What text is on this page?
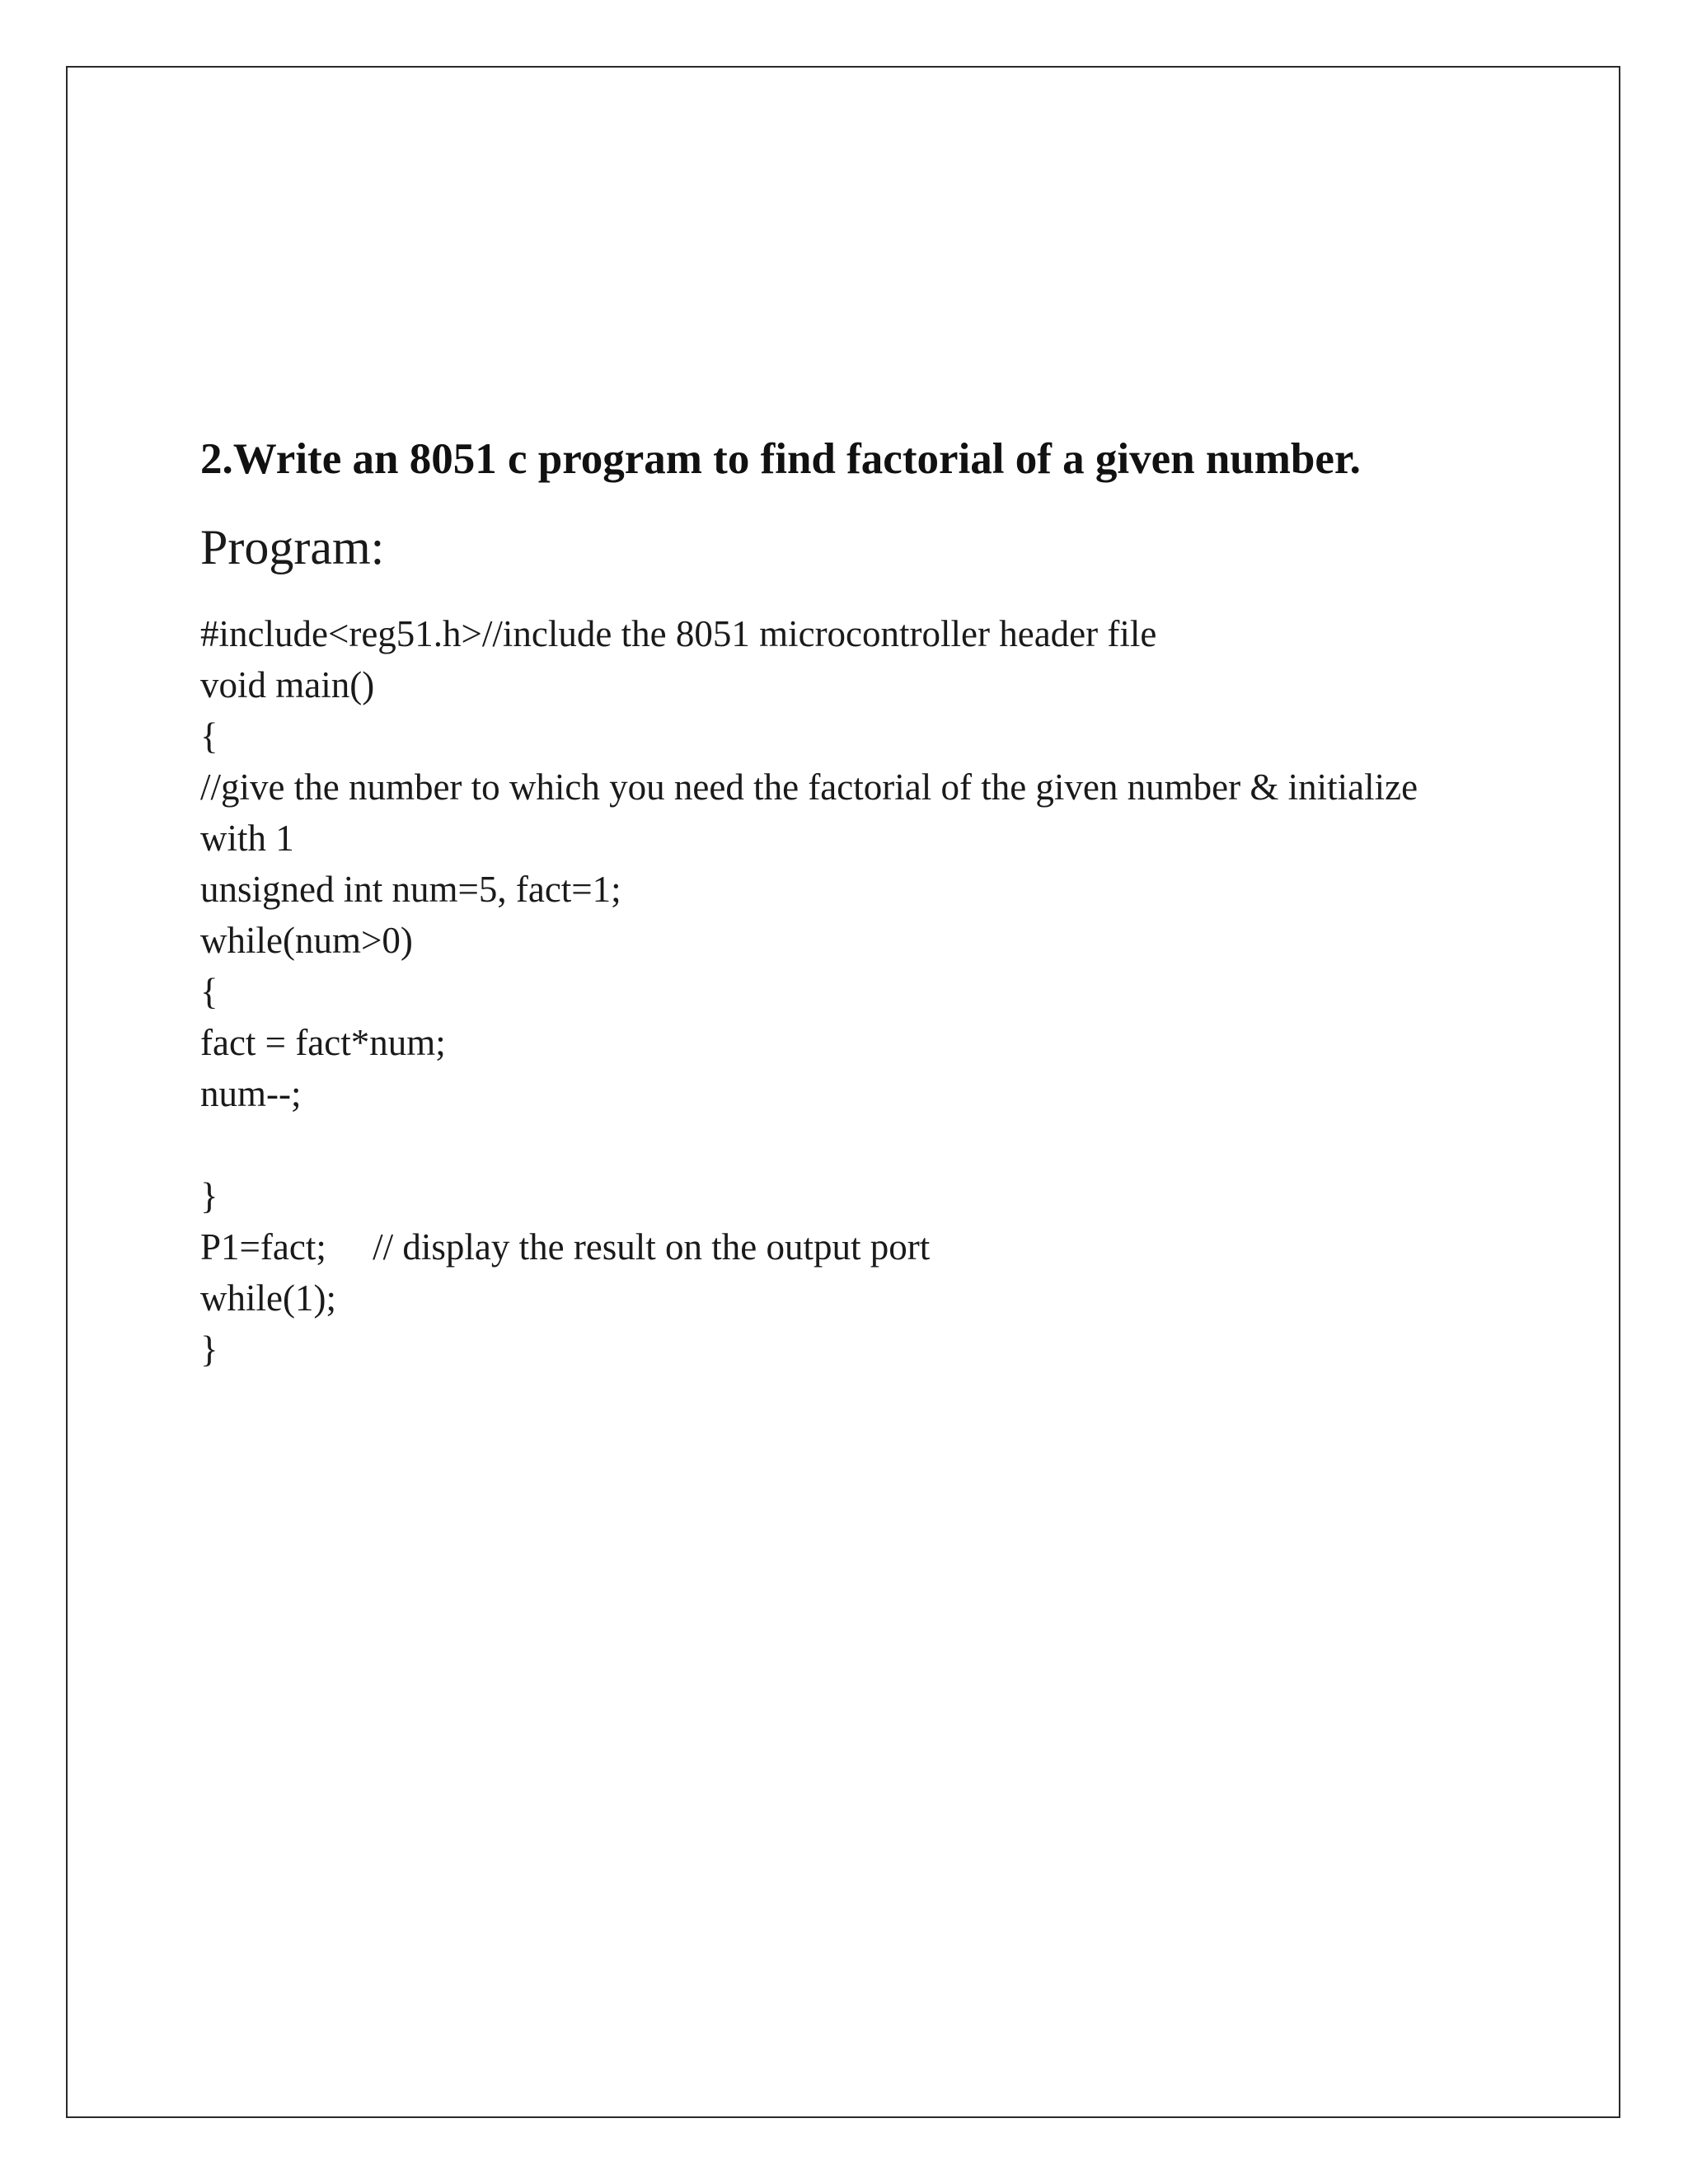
2.Write an 8051 c program to find factorial of a given number.
Program:
#include<reg51.h>//include the 8051 microcontroller header file
void main()
{
//give the number to which you need the factorial of the given number & initialize
with 1
unsigned int num=5, fact=1;
while(num>0)
{
fact = fact*num;
num--;
}
P1=fact;     // display the result on the output port
while(1);
}
